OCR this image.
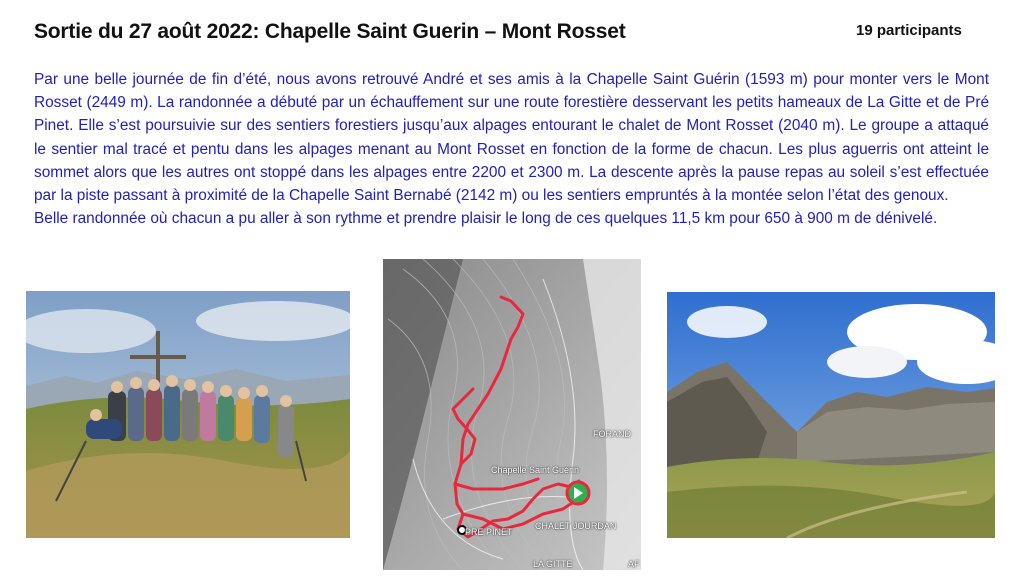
Sortie du 27 août 2022: Chapelle Saint Guerin – Mont Rosset	19 participants

Par une belle journée de fin d’été, nous avons retrouvé André et ses amis à la Chapelle Saint Guérin (1593 m) pour monter vers le Mont Rosset (2449 m). La randonnée a débuté par un échauffement sur une route forestière desservant les petits hameaux de La Gitte et de Pré Pinet. Elle s’est poursuivie sur des sentiers forestiers jusqu’aux alpages entourant le chalet de Mont Rosset (2040 m). Le groupe a attaqué le sentier mal tracé et pentu dans les alpages menant au Mont Rosset en fonction de la forme de chacun. Les plus aguerris ont atteint le sommet alors que les autres ont stoppé dans les alpages entre 2200 et 2300 m. La descente après la pause repas au soleil s’est effectuée par la piste passant à proximité de la Chapelle Saint Bernabé (2142 m) ou les sentiers empruntés à la montée selon l’état des genoux.

Belle randonnée où chacun a pu aller à son rythme et prendre plaisir le long de ces quelques 11,5 km pour 650 à 900 m de dénivelé.

FORAND
Chapelle Saint Guérin
PRE PINET
CHALET JOURDAN
LA GITTE	AF
